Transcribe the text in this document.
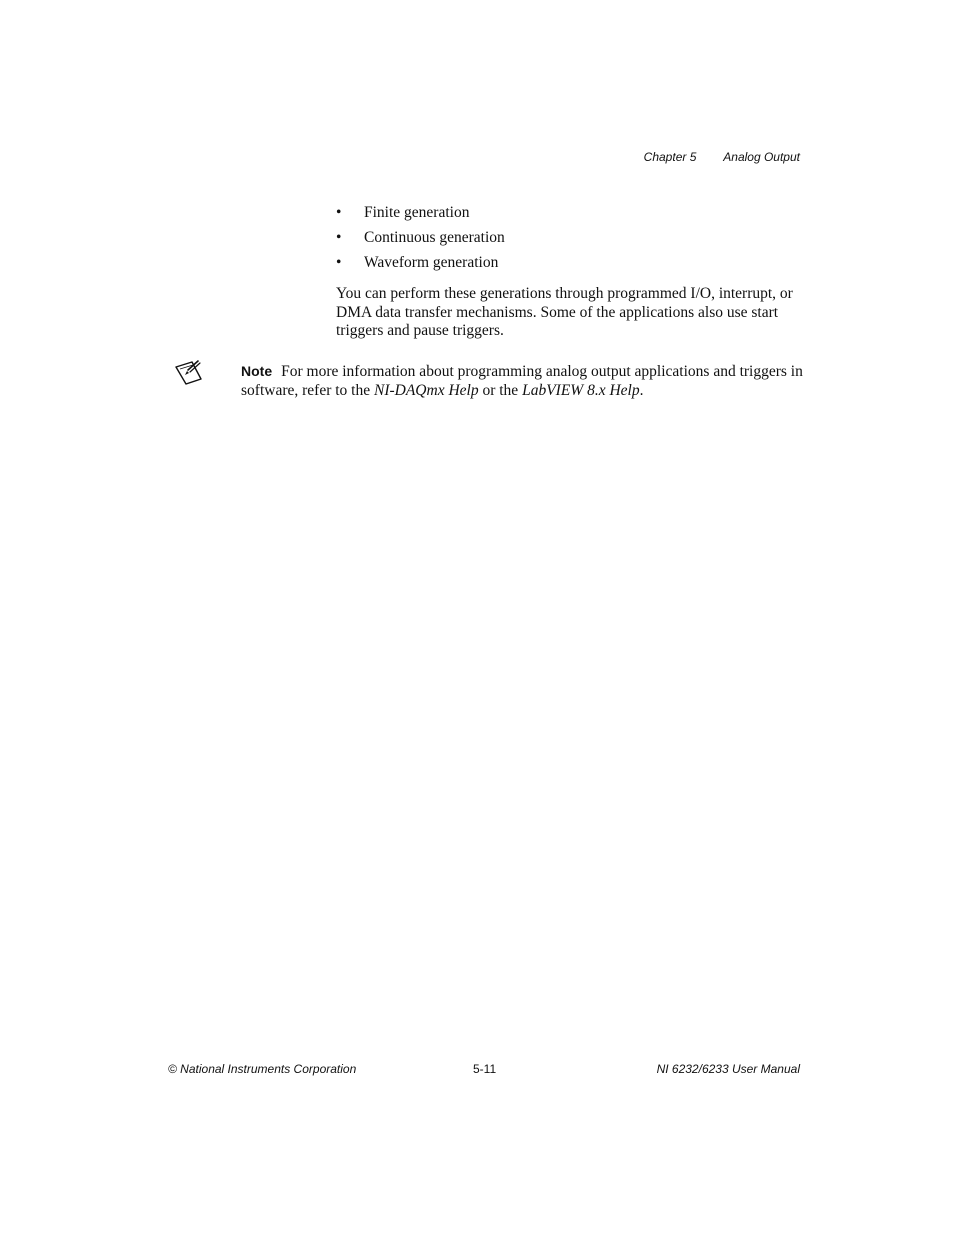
Chapter 5 Analog Output
• Finite generation
• Continuous generation
• Waveform generation

You can perform these generations through programmed I/O, interrupt, or DMA data transfer mechanisms. Some of the applications also use start triggers and pause triggers.

Note For more information about programming analog output applications and triggers in software, refer to the NI-DAQmx Help or the LabVIEW 8.x Help.

© National Instruments Corporation	5-11	NI 6232/6233 User Manual
